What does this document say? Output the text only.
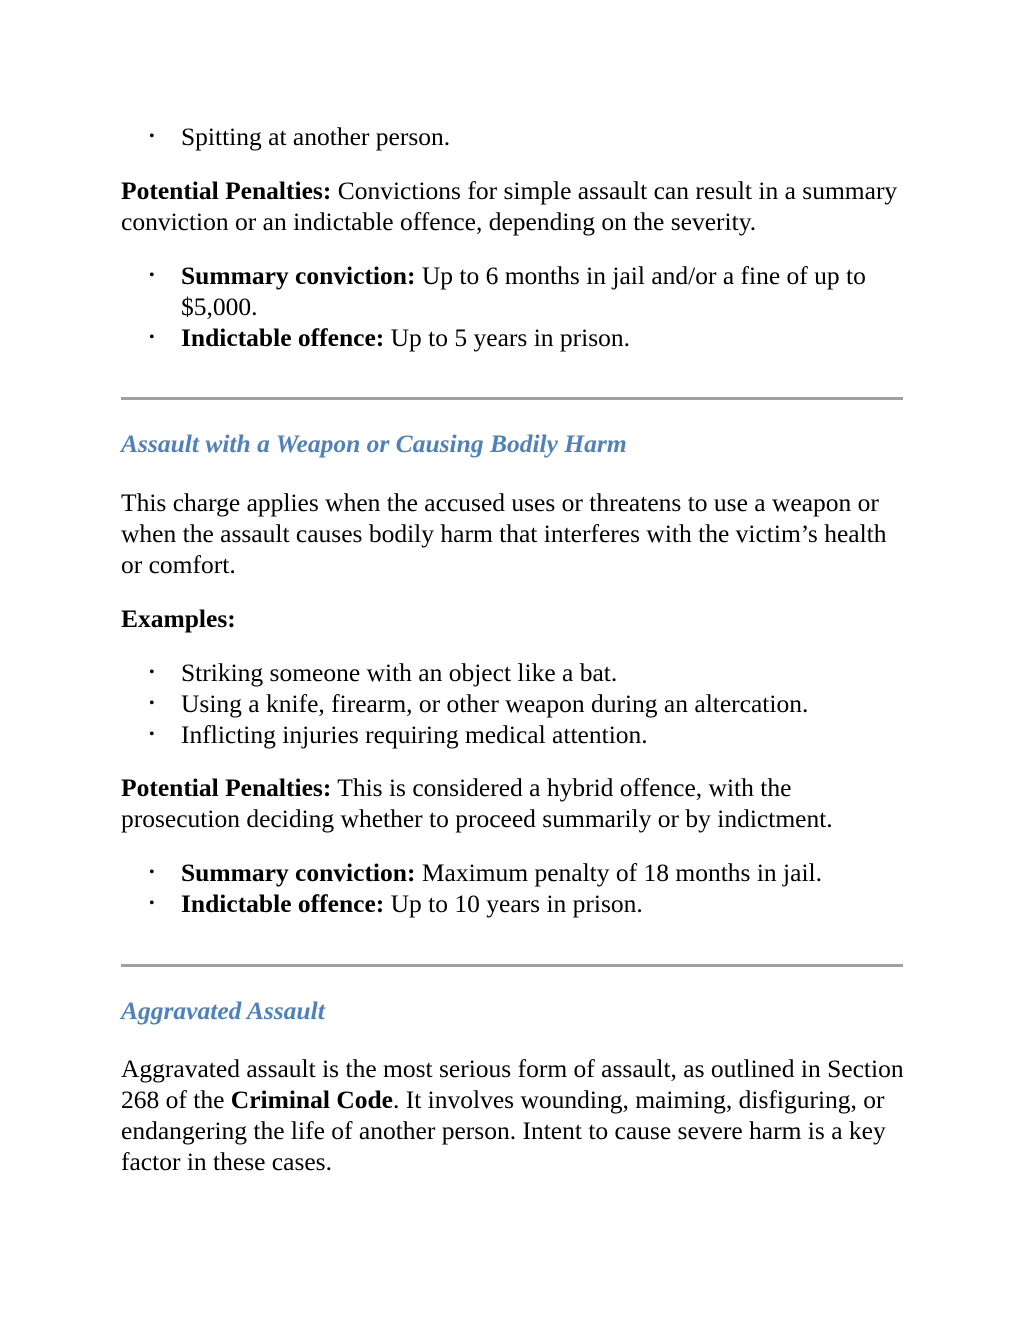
• Spitting at another person.

Potential Penalties: Convictions for simple assault can result in a summary conviction or an indictable offence, depending on the severity.

• Summary conviction: Up to 6 months in jail and/or a fine of up to $5,000.
• Indictable offence: Up to 5 years in prison.
Assault with a Weapon or Causing Bodily Harm

This charge applies when the accused uses or threatens to use a weapon or when the assault causes bodily harm that interferes with the victim’s health or comfort.

Examples:

• Striking someone with an object like a bat.
• Using a knife, firearm, or other weapon during an altercation.
• Inflicting injuries requiring medical attention.

Potential Penalties: This is considered a hybrid offence, with the prosecution deciding whether to proceed summarily or by indictment.

• Summary conviction: Maximum penalty of 18 months in jail.
• Indictable offence: Up to 10 years in prison.
Aggravated Assault

Aggravated assault is the most serious form of assault, as outlined in Section 268 of the Criminal Code. It involves wounding, maiming, disfiguring, or endangering the life of another person. Intent to cause severe harm is a key factor in these cases.
